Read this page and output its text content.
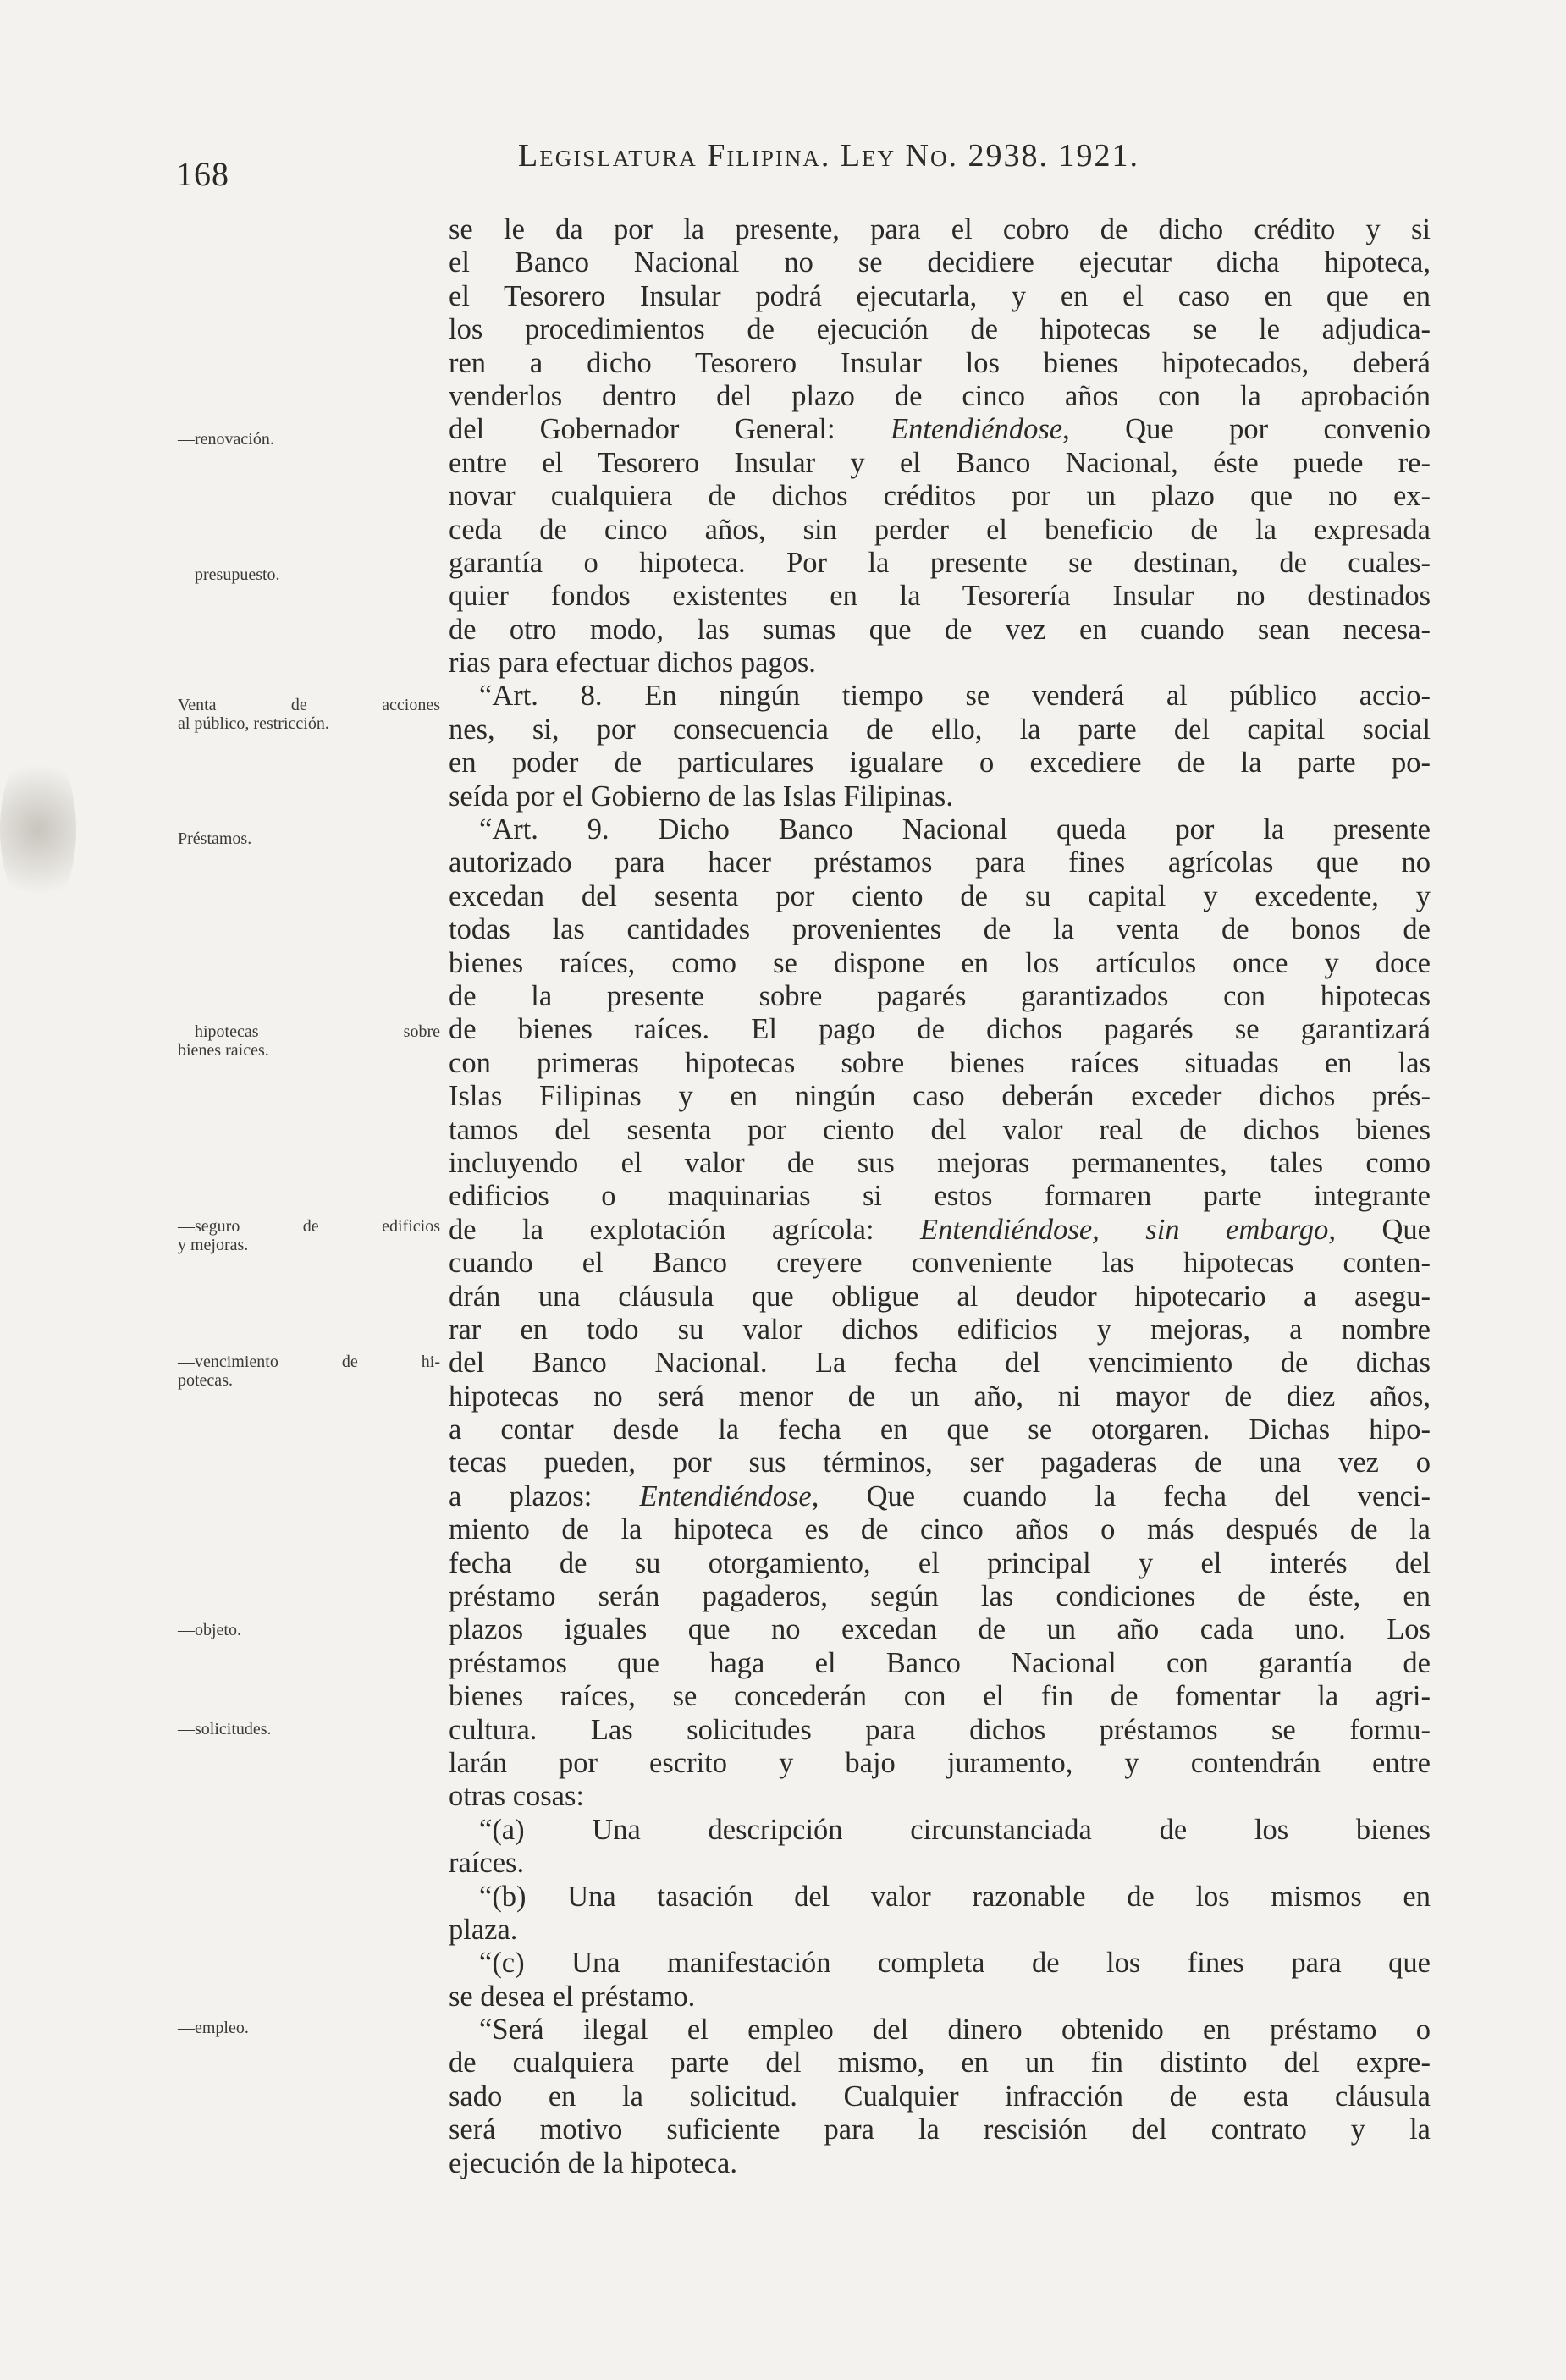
168	Legislatura Filipina. Ley No. 2938. 1921.
—renovación.
—presupuesto.
Venta de acciones
al público, restricción.
Préstamos.
—hipotecas sobre
bienes raíces.
—seguro de edificios
y mejoras.
—vencimiento de hi-
potecas.
—objeto.
—solicitudes.
—empleo.
se le da por la presente, para el cobro de dicho crédito y si
el Banco Nacional no se decidiere ejecutar dicha hipoteca,
el Tesorero Insular podrá ejecutarla, y en el caso en que en
los procedimientos de ejecución de hipotecas se le adjudica-
ren a dicho Tesorero Insular los bienes hipotecados, deberá
venderlos dentro del plazo de cinco años con la aprobación
del Gobernador General: Entendiéndose, Que por convenio
entre el Tesorero Insular y el Banco Nacional, éste puede re-
novar cualquiera de dichos créditos por un plazo que no ex-
ceda de cinco años, sin perder el beneficio de la expresada
garantía o hipoteca. Por la presente se destinan, de cuales-
quier fondos existentes en la Tesorería Insular no destinados
de otro modo, las sumas que de vez en cuando sean necesa-
rias para efectuar dichos pagos.
“Art. 8. En ningún tiempo se venderá al público accio-
nes, si, por consecuencia de ello, la parte del capital social
en poder de particulares igualare o excediere de la parte po-
seída por el Gobierno de las Islas Filipinas.
“Art. 9. Dicho Banco Nacional queda por la presente
autorizado para hacer préstamos para fines agrícolas que no
excedan del sesenta por ciento de su capital y excedente, y
todas las cantidades provenientes de la venta de bonos de
bienes raíces, como se dispone en los artículos once y doce
de la presente sobre pagarés garantizados con hipotecas
de bienes raíces. El pago de dichos pagarés se garantizará
con primeras hipotecas sobre bienes raíces situadas en las
Islas Filipinas y en ningún caso deberán exceder dichos prés-
tamos del sesenta por ciento del valor real de dichos bienes
incluyendo el valor de sus mejoras permanentes, tales como
edificios o maquinarias si estos formaren parte integrante
de la explotación agrícola: Entendiéndose, sin embargo, Que
cuando el Banco creyere conveniente las hipotecas conten-
drán una cláusula que obligue al deudor hipotecario a asegu-
rar en todo su valor dichos edificios y mejoras, a nombre
del Banco Nacional. La fecha del vencimiento de dichas
hipotecas no será menor de un año, ni mayor de diez años,
a contar desde la fecha en que se otorgaren. Dichas hipo-
tecas pueden, por sus términos, ser pagaderas de una vez o
a plazos: Entendiéndose, Que cuando la fecha del venci-
miento de la hipoteca es de cinco años o más después de la
fecha de su otorgamiento, el principal y el interés del
préstamo serán pagaderos, según las condiciones de éste, en
plazos iguales que no excedan de un año cada uno. Los
préstamos que haga el Banco Nacional con garantía de
bienes raíces, se concederán con el fin de fomentar la agri-
cultura. Las solicitudes para dichos préstamos se formu-
larán por escrito y bajo juramento, y contendrán entre
otras cosas:
“(a) Una descripción circunstanciada de los bienes
raíces.
“(b) Una tasación del valor razonable de los mismos en
plaza.
“(c) Una manifestación completa de los fines para que
se desea el préstamo.
“Será ilegal el empleo del dinero obtenido en préstamo o
de cualquiera parte del mismo, en un fin distinto del expre-
sado en la solicitud. Cualquier infracción de esta cláusula
será motivo suficiente para la rescisión del contrato y la
ejecución de la hipoteca.
